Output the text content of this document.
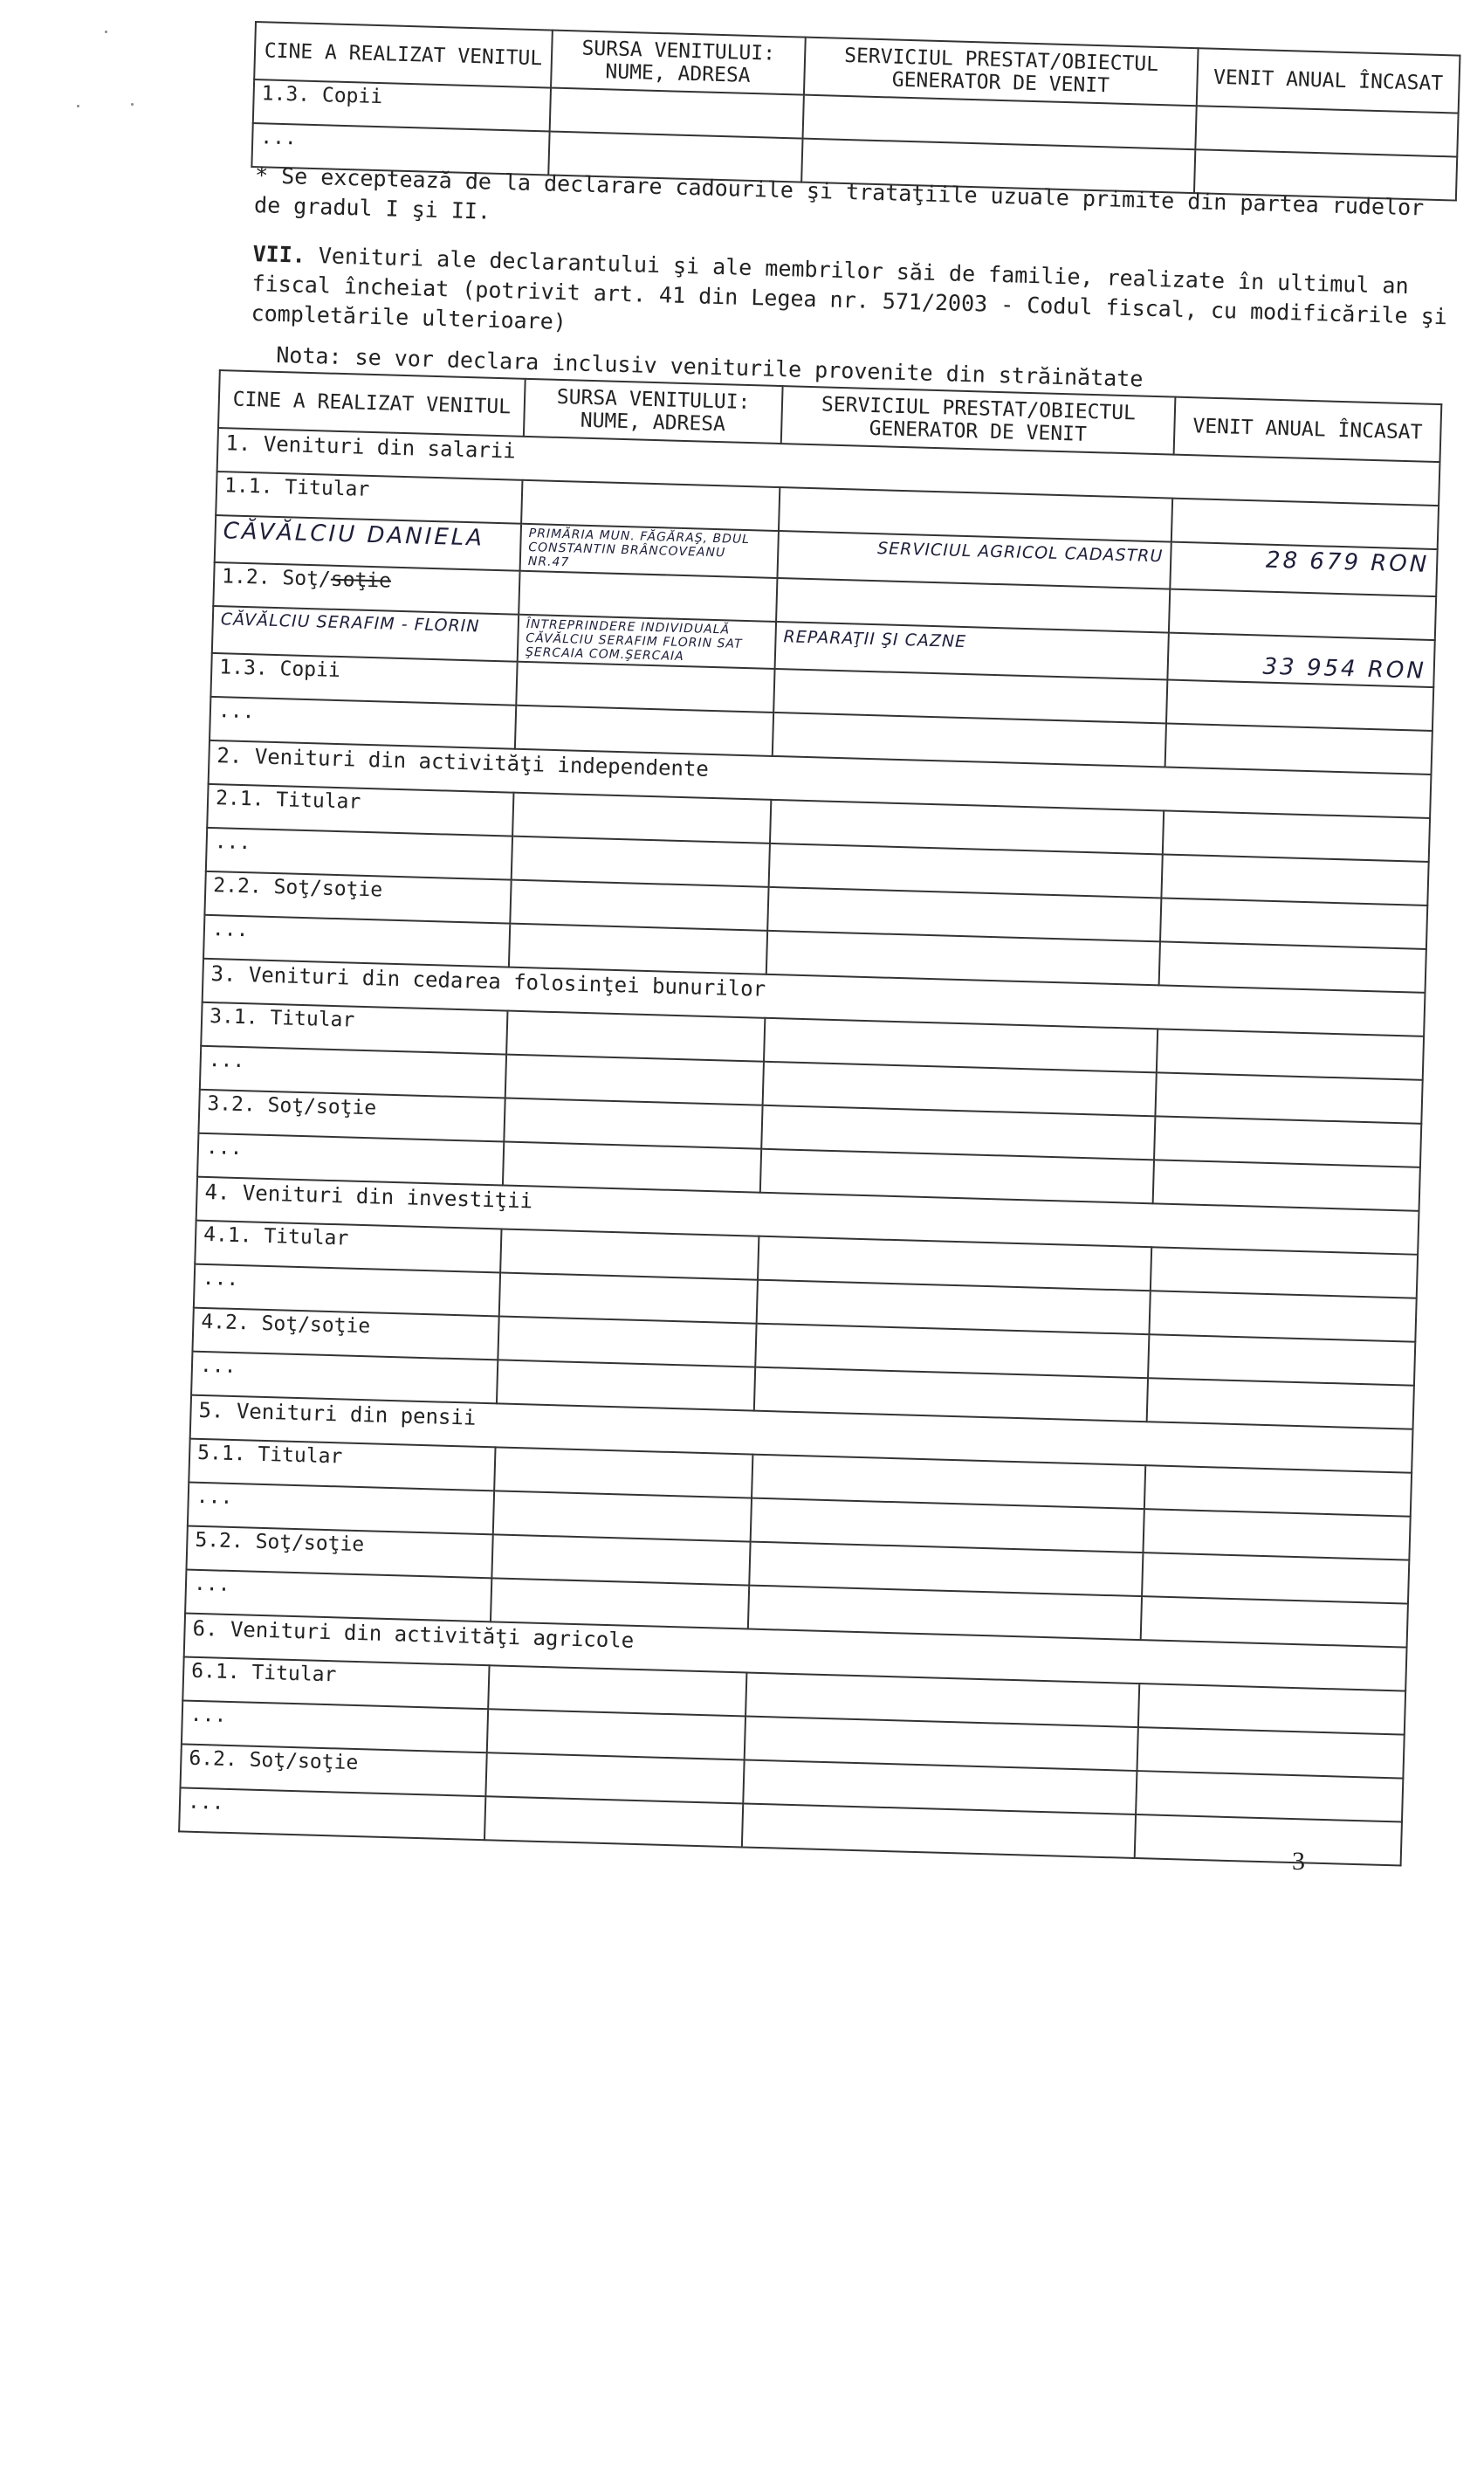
CINE A REALIZAT VENITUL	SURSA VENITULUI: NUME, ADRESA	SERVICIUL PRESTAT/OBIECTUL GENERATOR DE VENIT	VENIT ANUAL ÎNCASAT
1.3. Copii			
...			
* Se exceptează de la declarare cadourile şi trataţiile uzuale primite din partea rudelor de gradul I şi II.
VII. Venituri ale declarantului şi ale membrilor săi de familie, realizate în ultimul an fiscal încheiat (potrivit art. 41 din Legea nr. 571/2003 - Codul fiscal, cu modificările şi completările ulterioare)
Nota: se vor declara inclusiv veniturile provenite din străinătate
CINE A REALIZAT VENITUL	SURSA VENITULUI: NUME, ADRESA	SERVICIUL PRESTAT/OBIECTUL GENERATOR DE VENIT	VENIT ANUAL ÎNCASAT
1. Venituri din salarii			
1.1. Titular			
CĂVĂLCIU DANIELA	PRIMĂRIA MUN. FĂGĂRAŞ, BDUL CONSTANTIN BRÂNCOVEANU NR.47	SERVICIUL AGRICOL CADASTRU	28 679 RON
1.2. Soţ/soţie			
CĂVĂLCIU SERAFIM - FLORIN	ÎNTREPRINDERE INDIVIDUALĂ CĂVĂLCIU SERAFIM FLORIN SAT ŞERCAIA COM.ŞERCAIA	REPARAŢII ŞI CAZNE	33 954 RON
1.3. Copii			
...			
2. Venituri din activităţi independente			
2.1. Titular			
...			
2.2. Soţ/soţie			
...			
3. Venituri din cedarea folosinţei bunurilor			
3.1. Titular			
...			
3.2. Soţ/soţie			
...			
4. Venituri din investiţii			
4.1. Titular			
...			
4.2. Soţ/soţie			
...			
5. Venituri din pensii			
5.1. Titular			
...			
5.2. Soţ/soţie			
...			
6. Venituri din activităţi agricole			
6.1. Titular			
...			
6.2. Soţ/soţie			
...			
3
